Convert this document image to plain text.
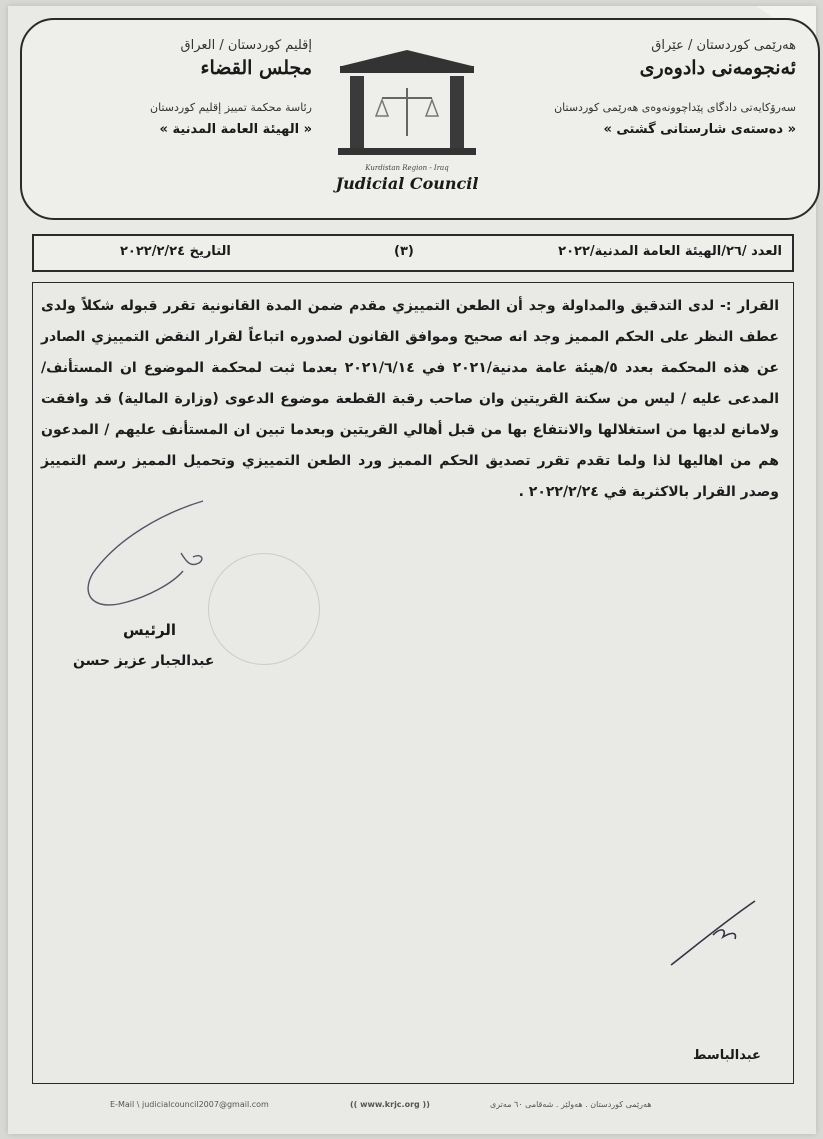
هەرێمی کوردستان / عێراق
ئەنجومەنی دادوەری
سەرۆکایەتی دادگای پێداچوونەوەی هەرێمی کوردستان
« دەستەی شارستانی گشتی »
Kurdistan Region - Iraq
Judicial Council
إقليم كوردستان / العراق
مجلس القضاء
رئاسة محكمة تمييز إقليم كوردستان
« الهيئة العامة المدنية »
العدد /٢٦/الهيئة العامة المدنية/٢٠٢٢
(٣)
التاريخ ٢٠٢٢/٢/٢٤
القرار :- لدى التدقيق والمداولة وجد أن الطعن التمييزي مقدم ضمن المدة القانونية تقرر قبوله شكلاً ولدى عطف النظر على الحكم المميز وجد انه صحيح وموافق القانون لصدوره اتباعاً لقرار النقض التمييزي الصادر عن هذه المحكمة بعدد ٥/هيئة عامة مدنية/٢٠٢١ في ٢٠٢١/٦/١٤ بعدما ثبت لمحكمة الموضوع ان المستأنف/ المدعى عليه / ليس من سكنة القريتين وان صاحب رقبة القطعة موضوع الدعوى (وزارة المالية) قد وافقت ولامانع لديها من استغلالها والانتفاع بها من قبل أهالي القريتين وبعدما تبين ان المستأنف عليهم / المدعون هم من اهاليها لذا ولما تقدم تقرر تصديق الحكم المميز ورد الطعن التمييزي وتحميل المميز رسم التمييز وصدر القرار بالاكثرية في ٢٠٢٢/٢/٢٤ .
الرئيس
عبدالجبار عزيز حسن
عبدالباسط
E-Mail \ judicialcouncil2007@gmail.com	(( www.krjc.org ))	هەرێمی کوردستان . هەولێر . شەقامی ٦٠ مەتری
